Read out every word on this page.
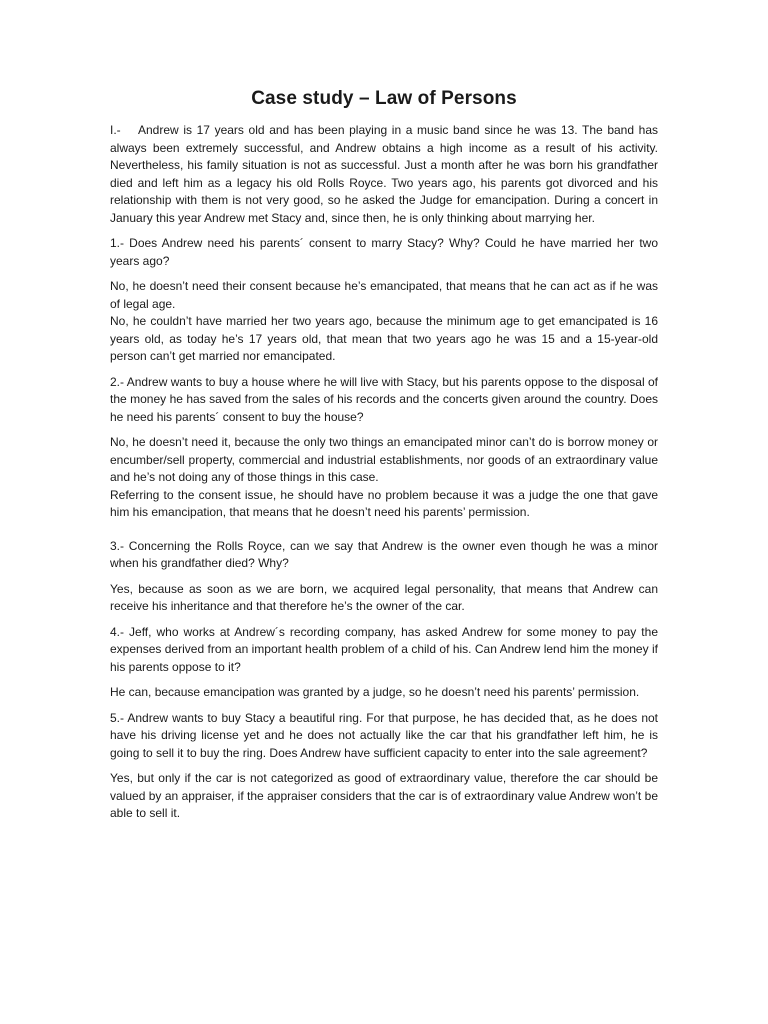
Case study – Law of Persons

I.- Andrew is 17 years old and has been playing in a music band since he was 13. The band has always been extremely successful, and Andrew obtains a high income as a result of his activity. Nevertheless, his family situation is not as successful. Just a month after he was born his grandfather died and left him as a legacy his old Rolls Royce. Two years ago, his parents got divorced and his relationship with them is not very good, so he asked the Judge for emancipation. During a concert in January this year Andrew met Stacy and, since then, he is only thinking about marrying her.

1.- Does Andrew need his parents´ consent to marry Stacy? Why? Could he have married her two years ago?

No, he doesn’t need their consent because he’s emancipated, that means that he can act as if he was of legal age.

No, he couldn’t have married her two years ago, because the minimum age to get emancipated is 16 years old, as today he’s 17 years old, that mean that two years ago he was 15 and a 15-year-old person can’t get married nor emancipated.

2.- Andrew wants to buy a house where he will live with Stacy, but his parents oppose to the disposal of the money he has saved from the sales of his records and the concerts given around the country. Does he need his parents´ consent to buy the house?

No, he doesn’t need it, because the only two things an emancipated minor can’t do is borrow money or encumber/sell property, commercial and industrial establishments, nor goods of an extraordinary value and he’s not doing any of those things in this case.

Referring to the consent issue, he should have no problem because it was a judge the one that gave him his emancipation, that means that he doesn’t need his parents’ permission.

3.- Concerning the Rolls Royce, can we say that Andrew is the owner even though he was a minor when his grandfather died? Why?

Yes, because as soon as we are born, we acquired legal personality, that means that Andrew can receive his inheritance and that therefore he’s the owner of the car.

4.- Jeff, who works at Andrew´s recording company, has asked Andrew for some money to pay the expenses derived from an important health problem of a child of his. Can Andrew lend him the money if his parents oppose to it?

He can, because emancipation was granted by a judge, so he doesn’t need his parents’ permission.

5.- Andrew wants to buy Stacy a beautiful ring. For that purpose, he has decided that, as he does not have his driving license yet and he does not actually like the car that his grandfather left him, he is going to sell it to buy the ring. Does Andrew have sufficient capacity to enter into the sale agreement?

Yes, but only if the car is not categorized as good of extraordinary value, therefore the car should be valued by an appraiser, if the appraiser considers that the car is of extraordinary value Andrew won’t be able to sell it.
